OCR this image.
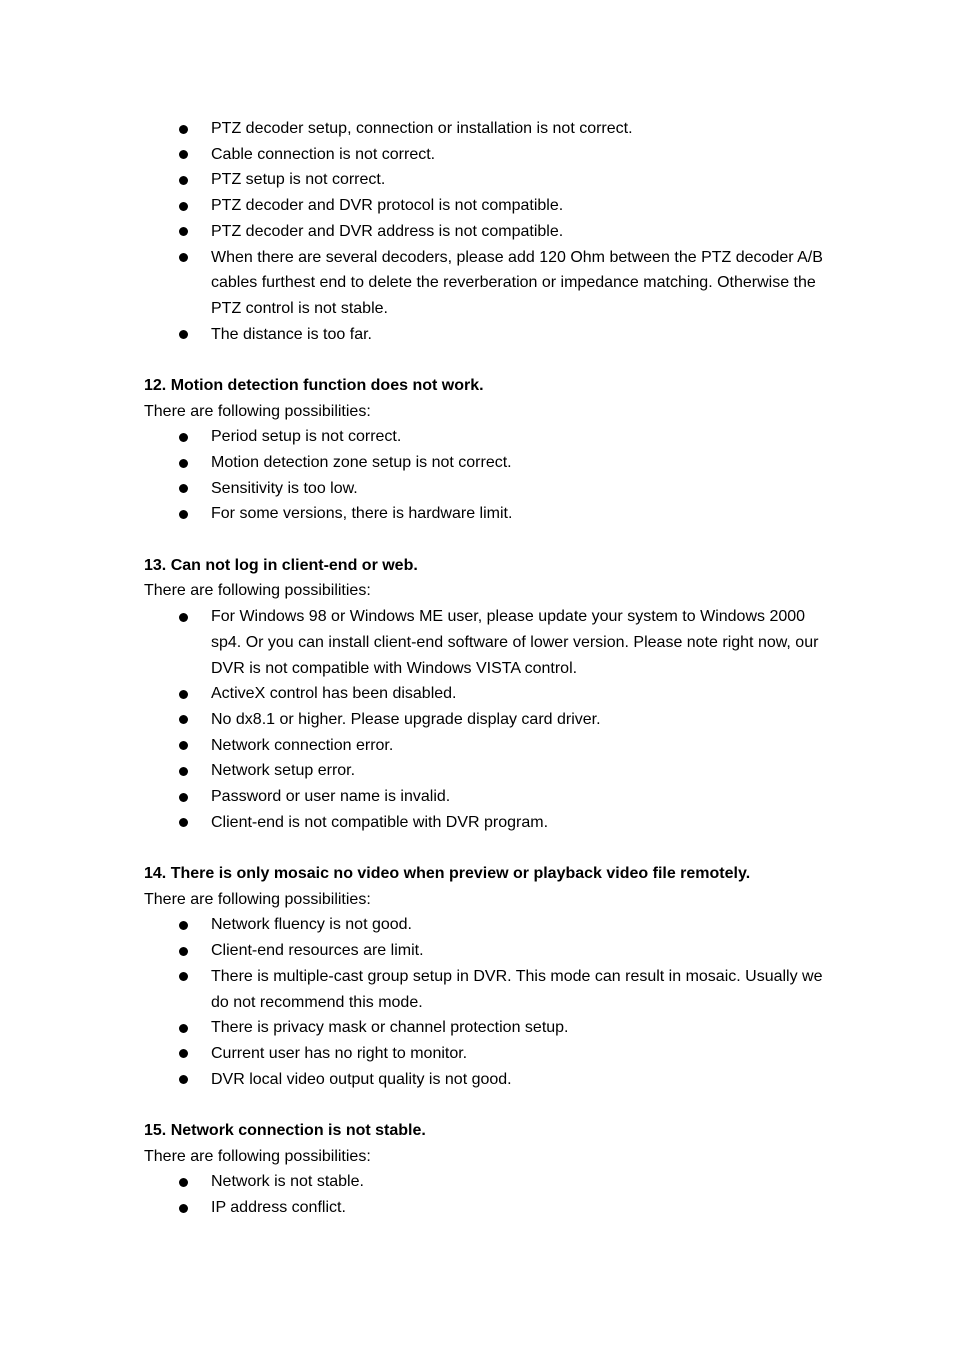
PTZ decoder setup, connection or installation is not correct.
Cable connection is not correct.
PTZ setup is not correct.
PTZ decoder and DVR protocol is not compatible.
PTZ decoder and DVR address is not compatible.
When there are several decoders, please add 120 Ohm between the PTZ decoder A/B cables furthest end to delete the reverberation or impedance matching. Otherwise the PTZ control is not stable.
The distance is too far.

12. Motion detection function does not work.

There are following possibilities:

Period setup is not correct.
Motion detection zone setup is not correct.
Sensitivity is too low.
For some versions, there is hardware limit.

13. Can not log in client-end or web.

There are following possibilities:

For Windows 98 or Windows ME user, please update your system to Windows 2000 sp4. Or you can install client-end software of lower version. Please note right now, our DVR is not compatible with Windows VISTA control.
ActiveX control has been disabled.
No dx8.1 or higher. Please upgrade display card driver.
Network connection error.
Network setup error.
Password or user name is invalid.
Client-end is not compatible with DVR program.

14. There is only mosaic no video when preview or playback video file remotely.

There are following possibilities:

Network fluency is not good.
Client-end resources are limit.
There is multiple-cast group setup in DVR. This mode can result in mosaic. Usually we do not recommend this mode.
There is privacy mask or channel protection setup.
Current user has no right to monitor.
DVR local video output quality is not good.

15. Network connection is not stable.

There are following possibilities:

Network is not stable.
IP address conflict.
